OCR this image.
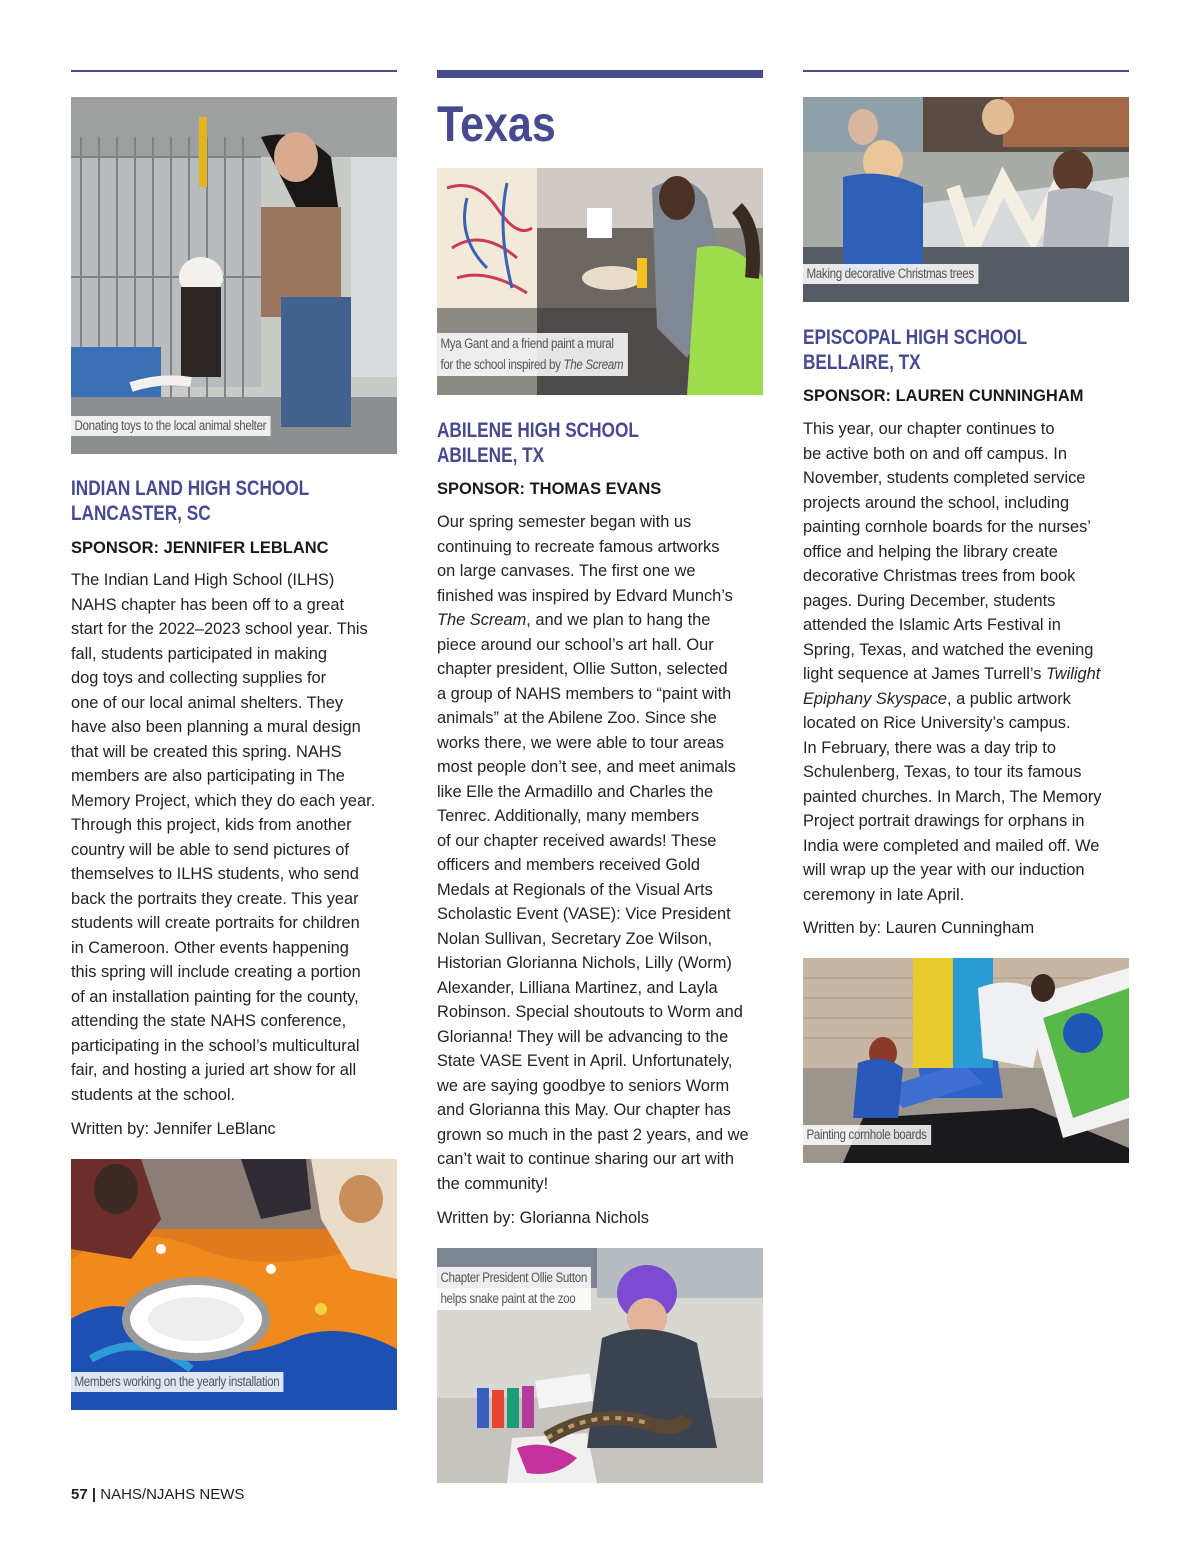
Donating toys to the local animal shelter
INDIAN LAND HIGH SCHOOL
LANCASTER, SC
SPONSOR: JENNIFER LEBLANC
The Indian Land High School (ILHS)
NAHS chapter has been off to a great
start for the 2022–2023 school year. This
fall, students participated in making
dog toys and collecting supplies for
one of our local animal shelters. They
have also been planning a mural design
that will be created this spring. NAHS
members are also participating in The
Memory Project, which they do each year.
Through this project, kids from another
country will be able to send pictures of
themselves to ILHS students, who send
back the portraits they create. This year
students will create portraits for children
in Cameroon. Other events happening
this spring will include creating a portion
of an installation painting for the county,
attending the state NAHS conference,
participating in the school’s multicultural
fair, and hosting a juried art show for all
students at the school.
Written by: Jennifer LeBlanc
Members working on the yearly installation
Texas
Mya Gant and a friend paint a mural
for the school inspired by The Scream
ABILENE HIGH SCHOOL
ABILENE, TX
SPONSOR: THOMAS EVANS
Our spring semester began with us
continuing to recreate famous artworks
on large canvases. The first one we
finished was inspired by Edvard Munch’s
The Scream, and we plan to hang the
piece around our school’s art hall. Our
chapter president, Ollie Sutton, selected
a group of NAHS members to “paint with
animals” at the Abilene Zoo. Since she
works there, we were able to tour areas
most people don’t see, and meet animals
like Elle the Armadillo and Charles the
Tenrec. Additionally, many members
of our chapter received awards! These
officers and members received Gold
Medals at Regionals of the Visual Arts
Scholastic Event (VASE): Vice President
Nolan Sullivan, Secretary Zoe Wilson,
Historian Glorianna Nichols, Lilly (Worm)
Alexander, Lilliana Martinez, and Layla
Robinson. Special shoutouts to Worm and
Glorianna! They will be advancing to the
State VASE Event in April. Unfortunately,
we are saying goodbye to seniors Worm
and Glorianna this May. Our chapter has
grown so much in the past 2 years, and we
can’t wait to continue sharing our art with
the community!
Written by: Glorianna Nichols
Chapter President Ollie Sutton
helps snake paint at the zoo
Making decorative Christmas trees
EPISCOPAL HIGH SCHOOL
BELLAIRE, TX
SPONSOR: LAUREN CUNNINGHAM
This year, our chapter continues to
be active both on and off campus. In
November, students completed service
projects around the school, including
painting cornhole boards for the nurses’
office and helping the library create
decorative Christmas trees from book
pages. During December, students
attended the Islamic Arts Festival in
Spring, Texas, and watched the evening
light sequence at James Turrell’s Twilight
Epiphany Skyspace, a public artwork
located on Rice University’s campus.
In February, there was a day trip to
Schulenberg, Texas, to tour its famous
painted churches. In March, The Memory
Project portrait drawings for orphans in
India were completed and mailed off. We
will wrap up the year with our induction
ceremony in late April.
Written by: Lauren Cunningham
Painting cornhole boards
57 | NAHS/NJAHS NEWS
